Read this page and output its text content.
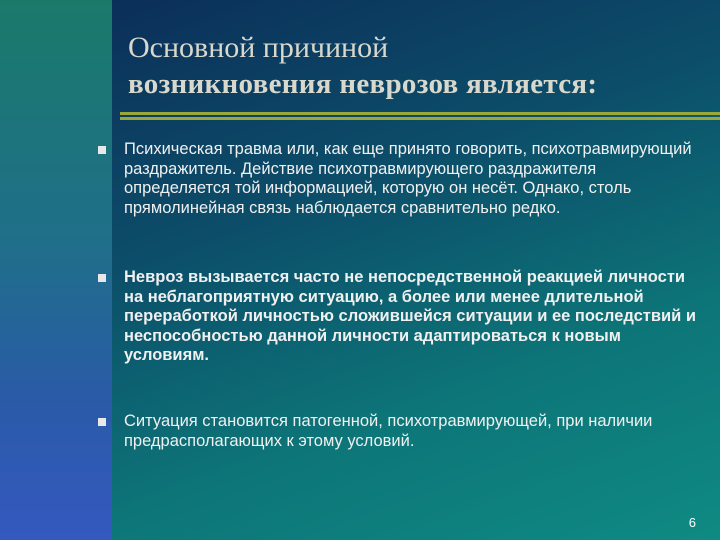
Основной причиной
возникновения неврозов является:
Психическая травма или, как еще принято говорить, психотравмирующий раздражитель. Действие психотравмирующего раздражителя определяется той информацией, которую он несёт. Однако, столь прямолинейная связь наблюдается сравнительно редко.
Невроз вызывается часто не непосредственной реакцией личности на неблагоприятную ситуацию, а более или менее длительной переработкой личностью сложившейся ситуации и ее последствий и неспособностью данной личности адаптироваться к новым условиям.
Ситуация становится патогенной, психотравмирующей, при наличии предрасполагающих к этому условий.
6
